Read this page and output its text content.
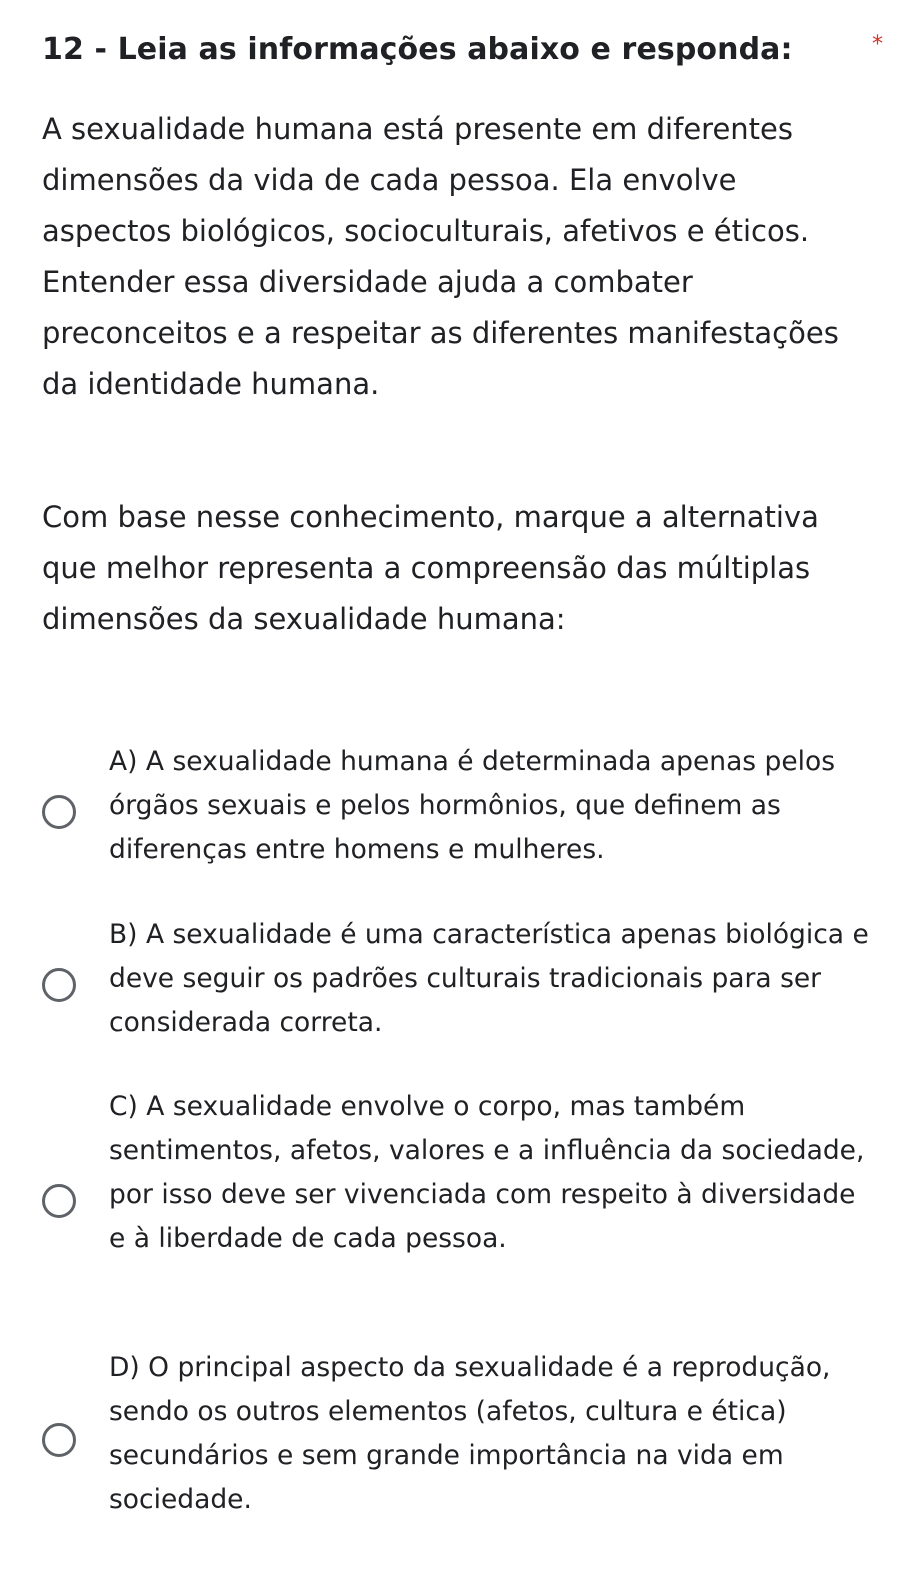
12 - Leia as informações abaixo e responda:	*
A sexualidade humana está presente em diferentes dimensões da vida de cada pessoa. Ela envolve aspectos biológicos, socioculturais, afetivos e éticos. Entender essa diversidade ajuda a combater preconceitos e a respeitar as diferentes manifestações da identidade humana.
Com base nesse conhecimento, marque a alternativa que melhor representa a compreensão das múltiplas dimensões da sexualidade humana:
A) A sexualidade humana é determinada apenas pelos órgãos sexuais e pelos hormônios, que definem as diferenças entre homens e mulheres.
B) A sexualidade é uma característica apenas biológica e deve seguir os padrões culturais tradicionais para ser considerada correta.
C) A sexualidade envolve o corpo, mas também sentimentos, afetos, valores e a influência da sociedade, por isso deve ser vivenciada com respeito à diversidade e à liberdade de cada pessoa.
D) O principal aspecto da sexualidade é a reprodução, sendo os outros elementos (afetos, cultura e ética) secundários e sem grande importância na vida em sociedade.
